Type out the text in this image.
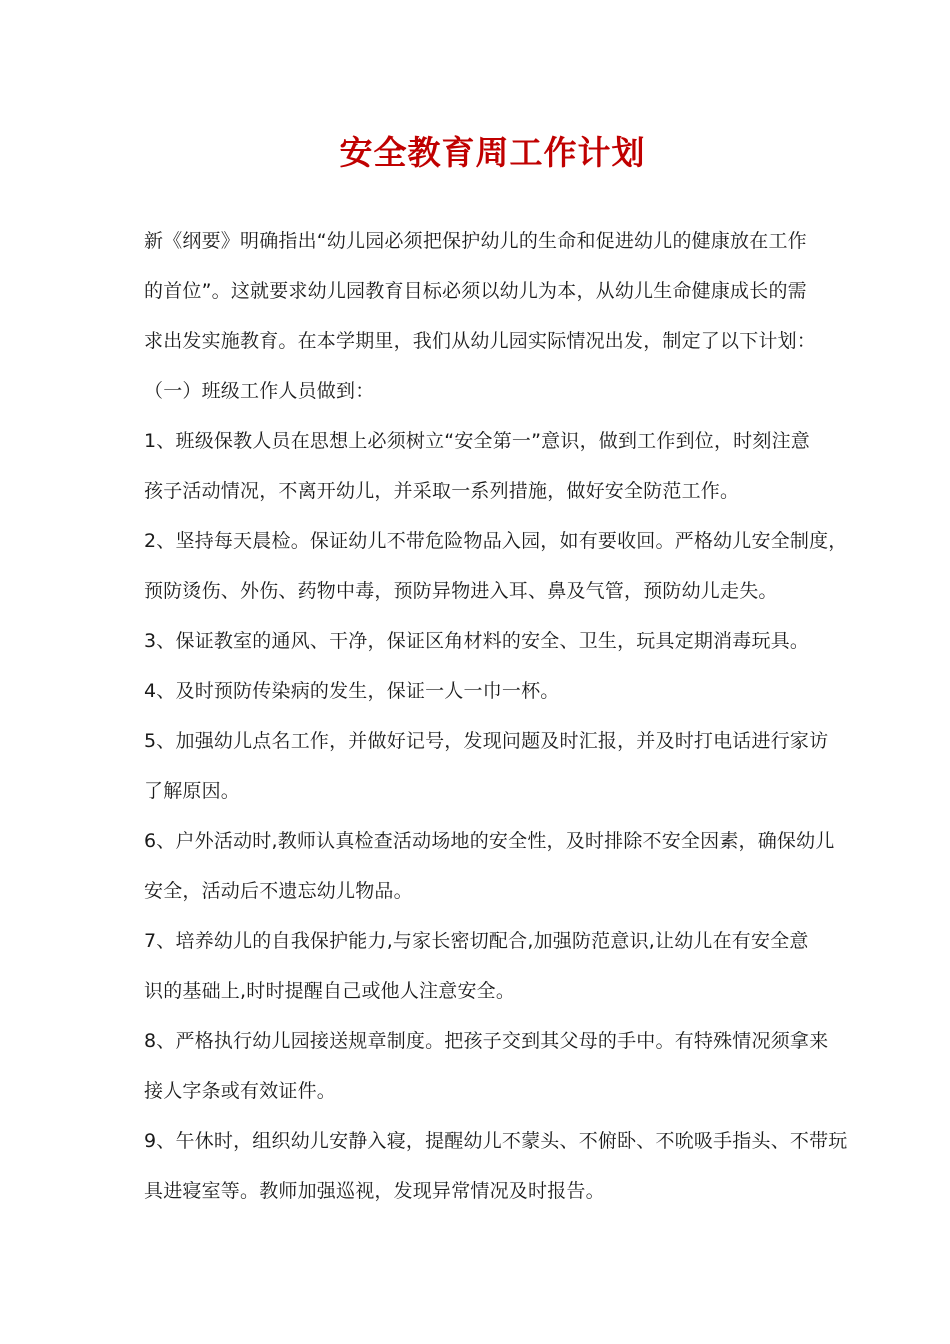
安全教育周工作计划
新《纲要》明确指出“幼儿园必须把保护幼儿的生命和促进幼儿的健康放在工作
的首位”。这就要求幼儿园教育目标必须以幼儿为本，从幼儿生命健康成长的需
求出发实施教育。在本学期里，我们从幼儿园实际情况出发，制定了以下计划：
（一）班级工作人员做到：
1、班级保教人员在思想上必须树立“安全第一”意识，做到工作到位，时刻注意
孩子活动情况，不离开幼儿，并采取一系列措施，做好安全防范工作。
2、坚持每天晨检。保证幼儿不带危险物品入园，如有要收回。严格幼儿安全制度，
预防烫伤、外伤、药物中毒，预防异物进入耳、鼻及气管，预防幼儿走失。
3、保证教室的通风、干净，保证区角材料的安全、卫生，玩具定期消毒玩具。
4、及时预防传染病的发生，保证一人一巾一杯。
5、加强幼儿点名工作，并做好记号，发现问题及时汇报，并及时打电话进行家访
了解原因。
6、户外活动时,教师认真检查活动场地的安全性，及时排除不安全因素，确保幼儿
安全，活动后不遗忘幼儿物品。
7、培养幼儿的自我保护能力,与家长密切配合,加强防范意识,让幼儿在有安全意
识的基础上,时时提醒自己或他人注意安全。
8、严格执行幼儿园接送规章制度。把孩子交到其父母的手中。有特殊情况须拿来
接人字条或有效证件。
9、午休时，组织幼儿安静入寝，提醒幼儿不蒙头、不俯卧、不吮吸手指头、不带玩
具进寝室等。教师加强巡视，发现异常情况及时报告。
